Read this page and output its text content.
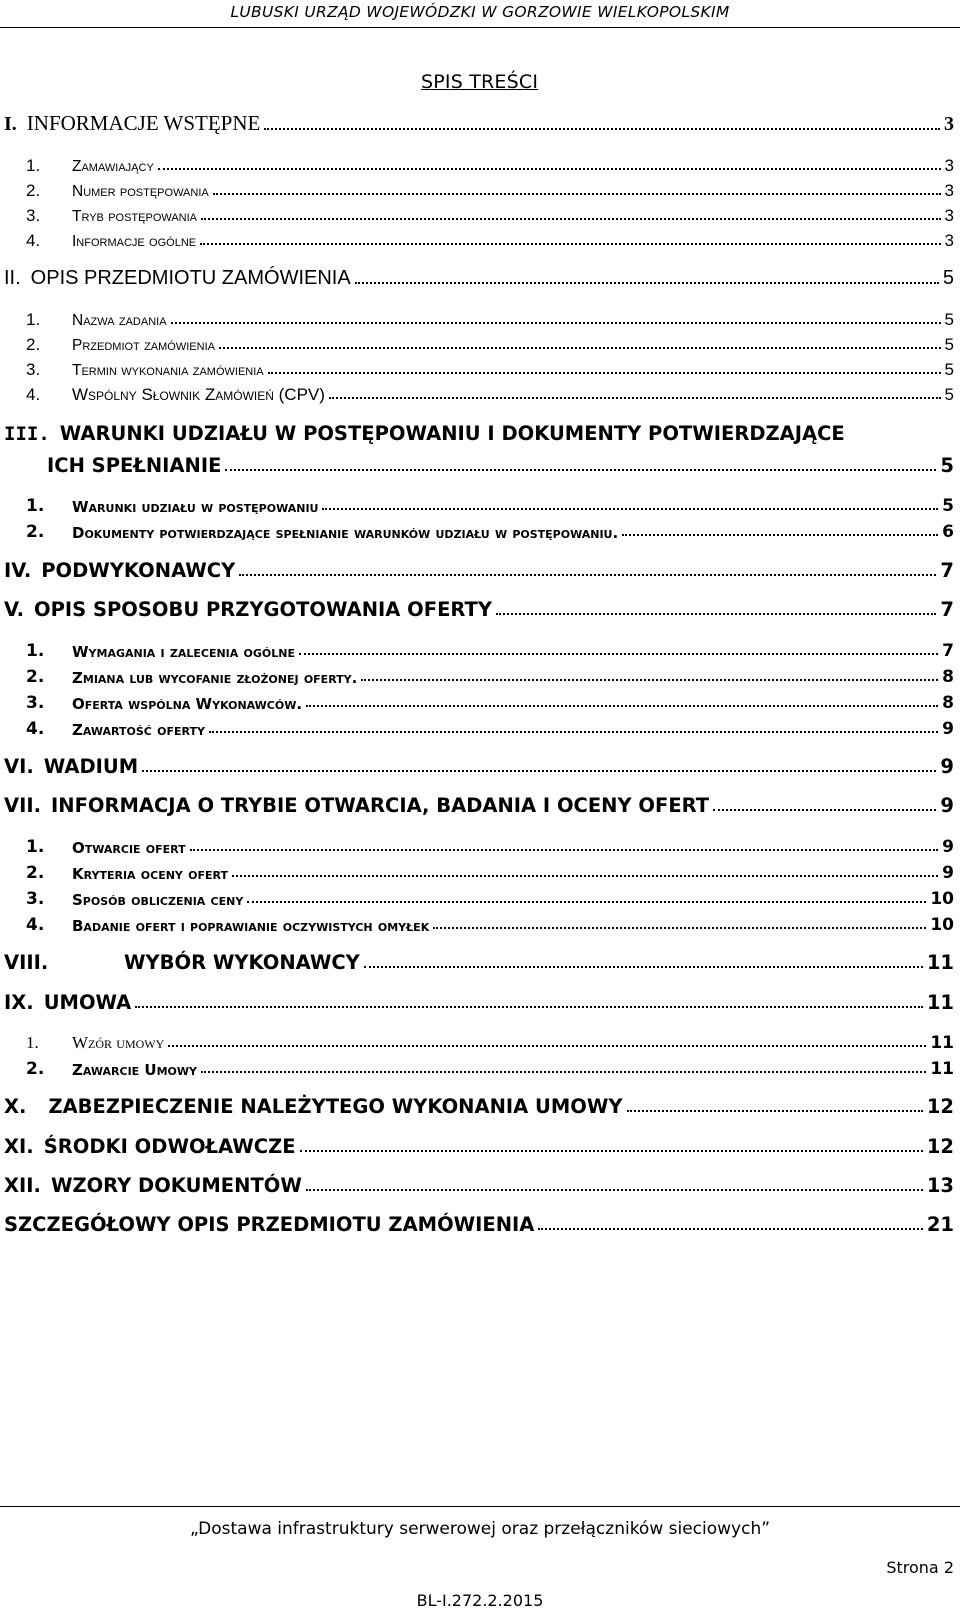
LUBUSKI URZĄD WOJEWÓDZKI W GORZOWIE WIELKOPOLSKIM
SPIS TREŚCI
I. INFORMACJE WSTĘPNE	3
1.	Zamawiający	3
2.	Numer postępowania	3
3.	Tryb postępowania	3
4.	Informacje ogólne	3
II. OPIS PRZEDMIOTU ZAMÓWIENIA	5
1.	Nazwa zadania	5
2.	Przedmiot zamówienia	5
3.	Termin wykonania zamówienia	5
4.	Wspólny Słownik Zamówień (CPV)	5
III. WARUNKI UDZIAŁU W POSTĘPOWANIU I DOKUMENTY POTWIERDZAJĄCE
ICH SPEŁNIANIE	5
1.	Warunki udziału w postępowaniu	5
2.	Dokumenty potwierdzające spełnianie warunków udziału w postępowaniu.	6
IV. PODWYKONAWCY	7
V. OPIS SPOSOBU PRZYGOTOWANIA OFERTY	7
1.	Wymagania i zalecenia ogólne	7
2.	Zmiana lub wycofanie złożonej oferty.	8
3.	Oferta wspólna Wykonawców.	8
4.	Zawartość oferty	9
VI. WADIUM	9
VII. INFORMACJA O TRYBIE OTWARCIA, BADANIA I OCENY OFERT	9
1.	Otwarcie ofert	9
2.	Kryteria oceny ofert	9
3.	Sposób obliczenia ceny	10
4.	Badanie ofert i poprawianie oczywistych omyłek	10
VIII.	WYBÓR WYKONAWCY	11
IX. UMOWA	11
1.	Wzór umowy	11
2.	Zawarcie Umowy	11
X. ZABEZPIECZENIE NALEŻYTEGO WYKONANIA UMOWY	12
XI. ŚRODKI ODWOŁAWCZE	12
XII. WZORY DOKUMENTÓW	13
SZCZEGÓŁOWY OPIS PRZEDMIOTU ZAMÓWIENIA	21
„Dostawa infrastruktury serwerowej oraz przełączników sieciowych”
Strona 2
BL-I.272.2.2015
